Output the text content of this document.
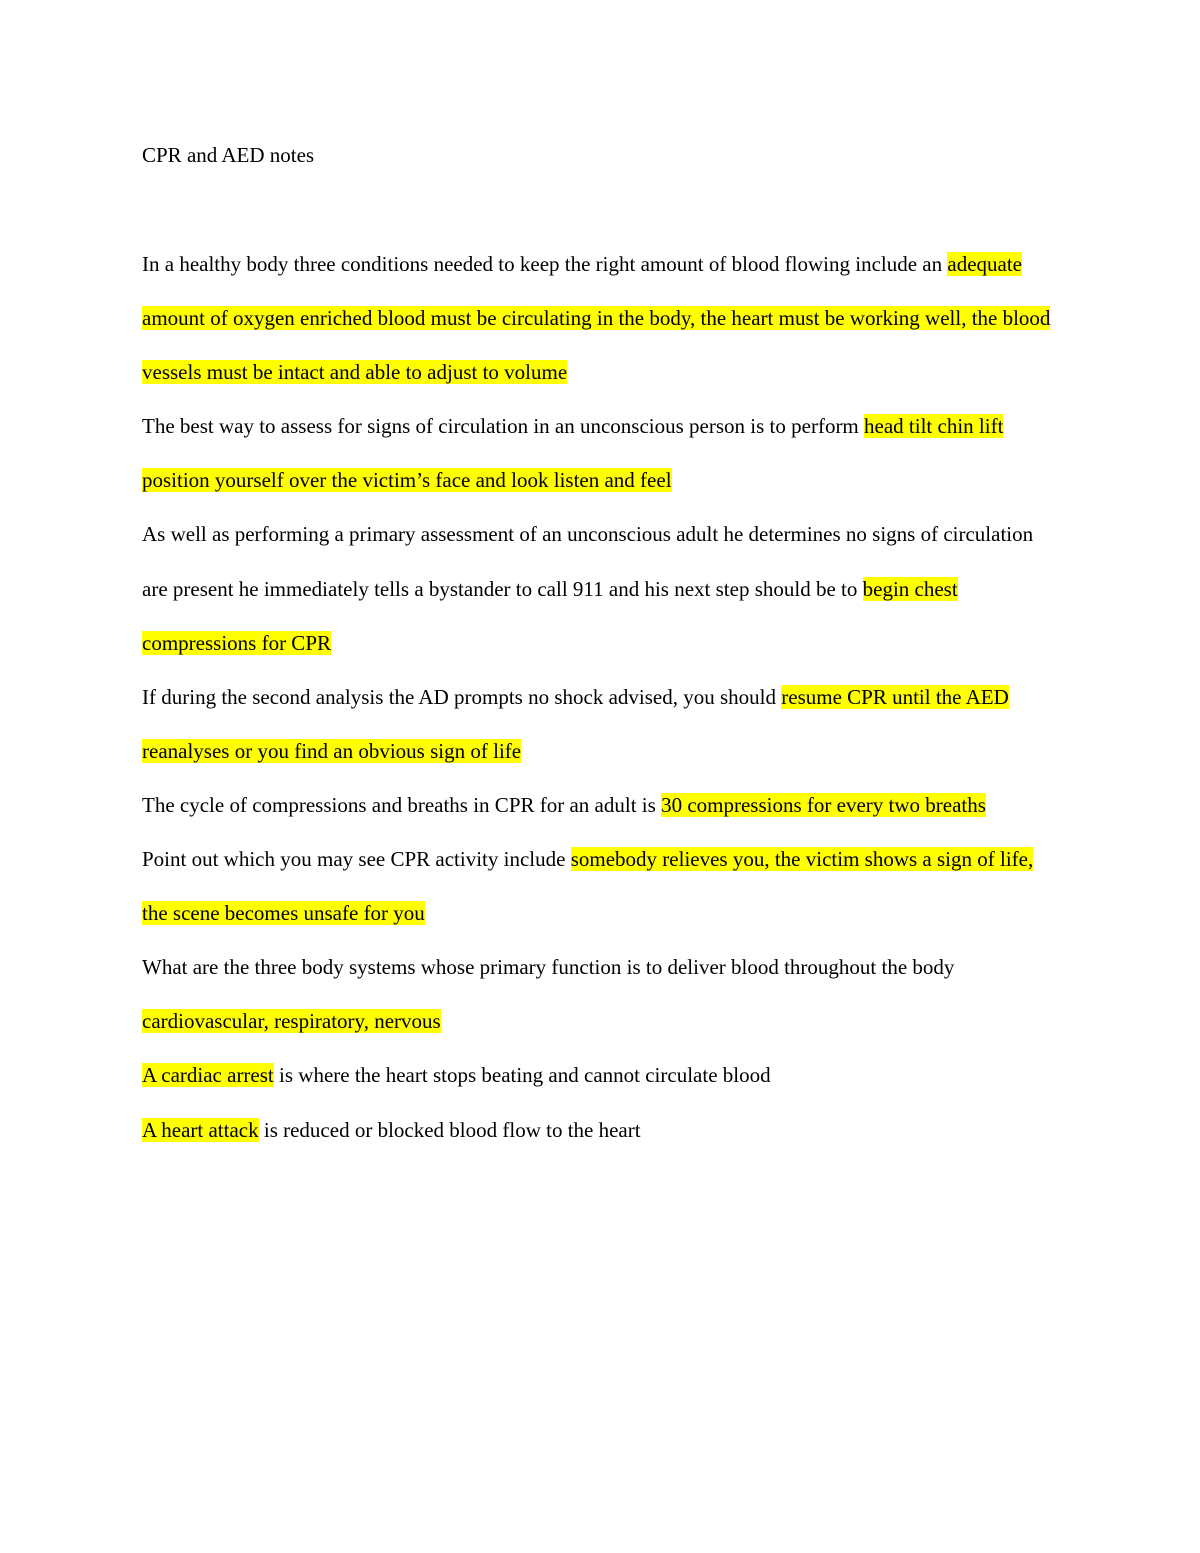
CPR and AED notes

In a healthy body three conditions needed to keep the right amount of blood flowing include an adequate amount of oxygen enriched blood must be circulating in the body, the heart must be working well, the blood vessels must be intact and able to adjust to volume

The best way to assess for signs of circulation in an unconscious person is to perform head tilt chin lift position yourself over the victim’s face and look listen and feel

As well as performing a primary assessment of an unconscious adult he determines no signs of circulation are present he immediately tells a bystander to call 911 and his next step should be to begin chest compressions for CPR

If during the second analysis the AD prompts no shock advised, you should resume CPR until the AED reanalyses or you find an obvious sign of life

The cycle of compressions and breaths in CPR for an adult is 30 compressions for every two breaths

Point out which you may see CPR activity include somebody relieves you, the victim shows a sign of life, the scene becomes unsafe for you

What are the three body systems whose primary function is to deliver blood throughout the body cardiovascular, respiratory, nervous

A cardiac arrest is where the heart stops beating and cannot circulate blood

A heart attack is reduced or blocked blood flow to the heart
